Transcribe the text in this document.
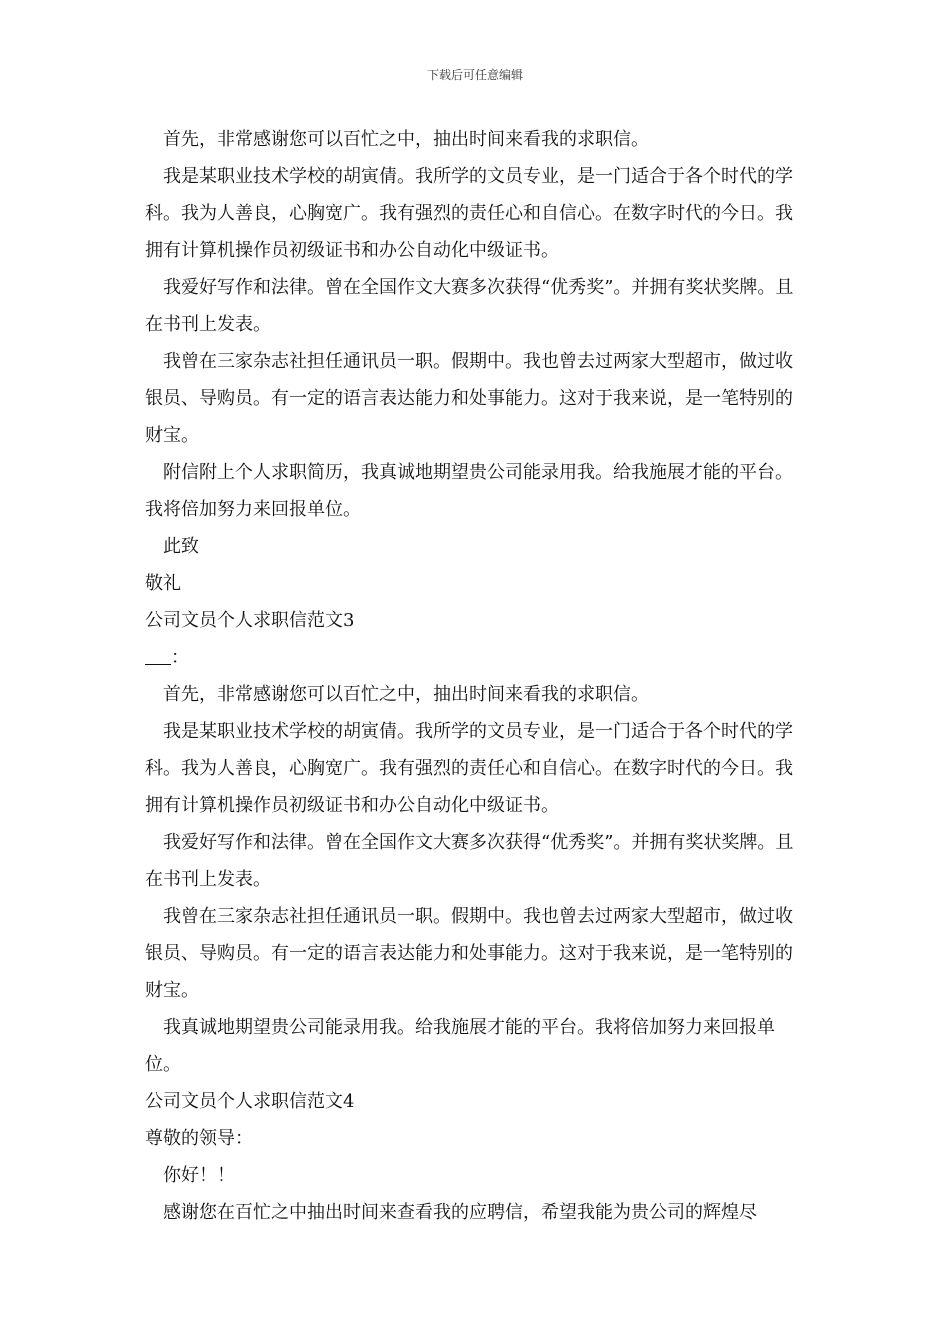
下载后可任意编辑

首先，非常感谢您可以百忙之中，抽出时间来看我的求职信。

我是某职业技术学校的胡寅倩。我所学的文员专业，是一门适合于各个时代的学科。我为人善良，心胸宽广。我有强烈的责任心和自信心。在数字时代的今日。我拥有计算机操作员初级证书和办公自动化中级证书。

我爱好写作和法律。曾在全国作文大赛多次获得“优秀奖”。并拥有奖状奖牌。且在书刊上发表。

我曾在三家杂志社担任通讯员一职。假期中。我也曾去过两家大型超市，做过收银员、导购员。有一定的语言表达能力和处事能力。这对于我来说，是一笔特别的财宝。

附信附上个人求职简历，我真诚地期望贵公司能录用我。给我施展才能的平台。我将倍加努力来回报单位。

此致

敬礼

公司文员个人求职信范文3

：

首先，非常感谢您可以百忙之中，抽出时间来看我的求职信。

我是某职业技术学校的胡寅倩。我所学的文员专业，是一门适合于各个时代的学科。我为人善良，心胸宽广。我有强烈的责任心和自信心。在数字时代的今日。我拥有计算机操作员初级证书和办公自动化中级证书。

我爱好写作和法律。曾在全国作文大赛多次获得“优秀奖”。并拥有奖状奖牌。且在书刊上发表。

我曾在三家杂志社担任通讯员一职。假期中。我也曾去过两家大型超市，做过收银员、导购员。有一定的语言表达能力和处事能力。这对于我来说，是一笔特别的财宝。

我真诚地期望贵公司能录用我。给我施展才能的平台。我将倍加努力来回报单位。

公司文员个人求职信范文4

尊敬的领导：

你好！！

感谢您在百忙之中抽出时间来查看我的应聘信，希望我能为贵公司的辉煌尽
